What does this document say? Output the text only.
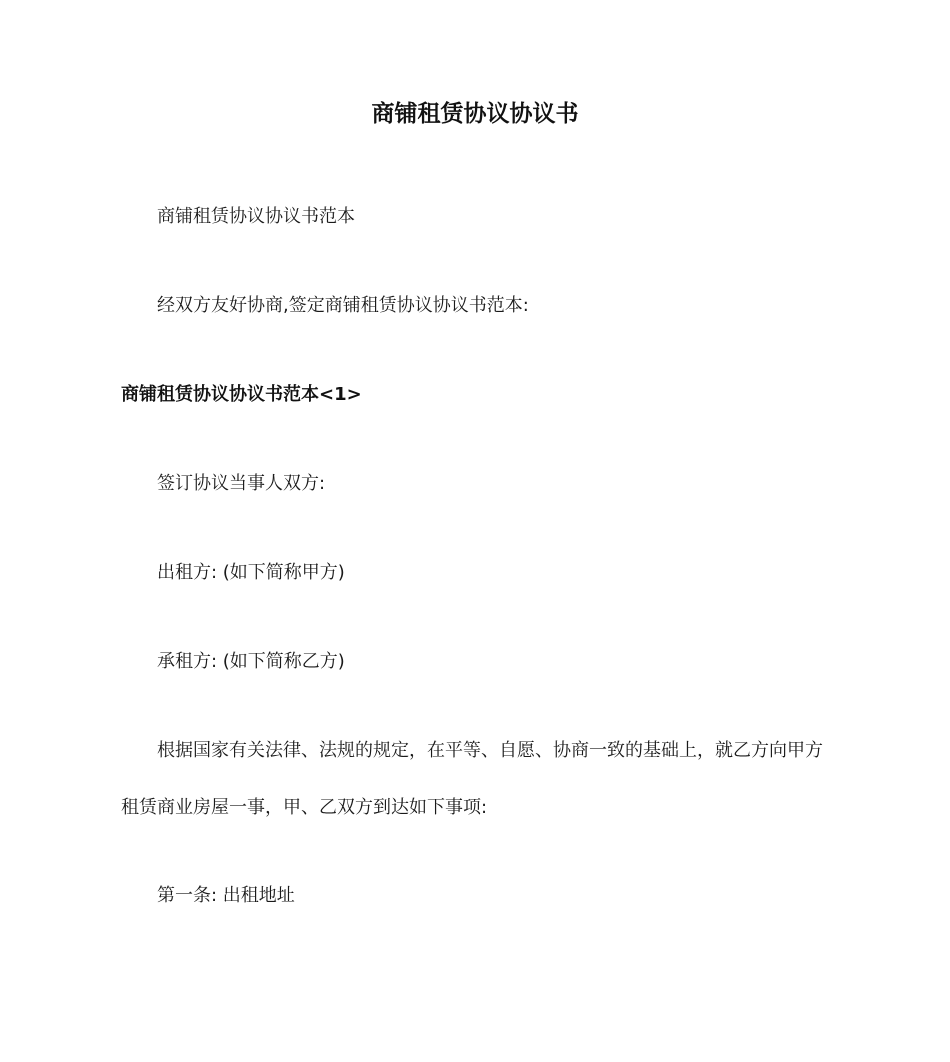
商铺租赁协议协议书

商铺租赁协议协议书范本

经双方友好协商,签定商铺租赁协议协议书范本:

商铺租赁协议协议书范本<1>

签订协议当事人双方:

出租方: (如下简称甲方)

承租方: (如下简称乙方)

根据国家有关法律、法规的规定，在平等、自愿、协商一致的基础上，就乙方向甲方

租赁商业房屋一事，甲、乙双方到达如下事项:

第一条: 出租地址
